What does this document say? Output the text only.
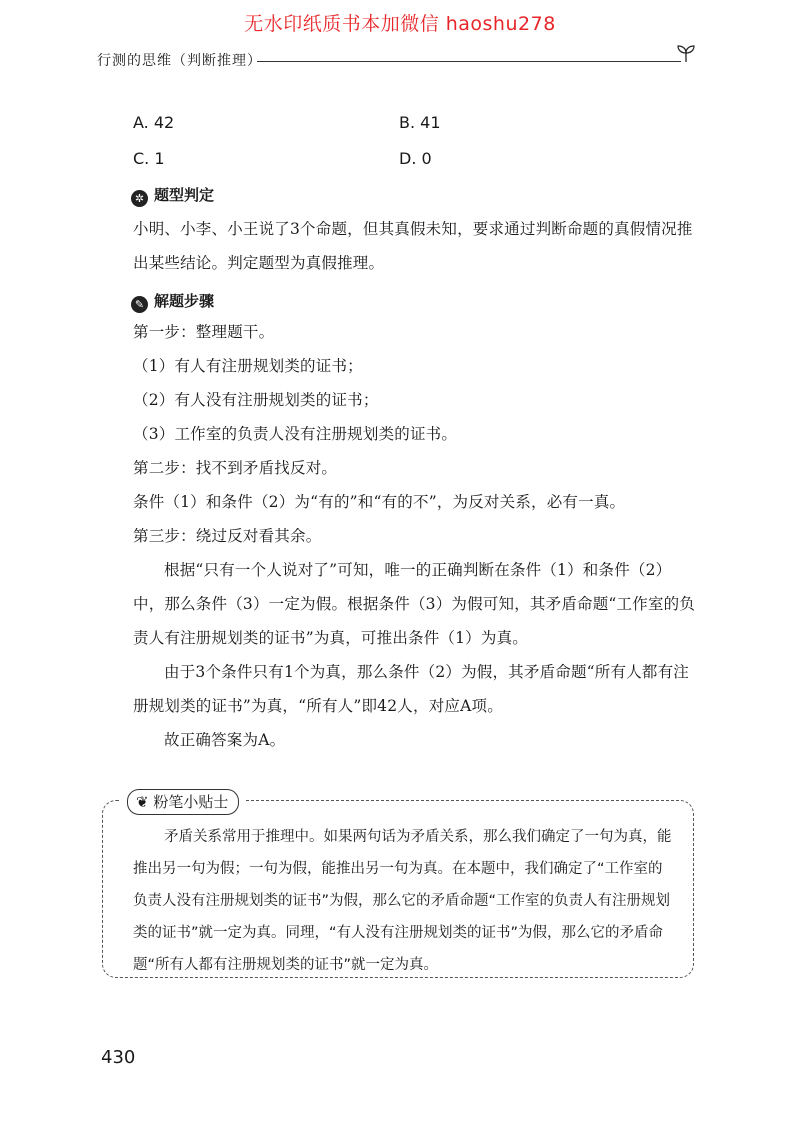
无水印纸质书本加微信 haoshu278
行测的思维（判断推理）
A. 42	B. 41
C. 1	D. 0
✲ 题型判定
小明、小李、小王说了3个命题，但其真假未知，要求通过判断命题的真假情况推出某些结论。判定题型为真假推理。
✎ 解题步骤
第一步：整理题干。
（1）有人有注册规划类的证书；
（2）有人没有注册规划类的证书；
（3）工作室的负责人没有注册规划类的证书。
第二步：找不到矛盾找反对。
条件（1）和条件（2）为“有的”和“有的不”，为反对关系，必有一真。
第三步：绕过反对看其余。
根据“只有一个人说对了”可知，唯一的正确判断在条件（1）和条件（2）中，那么条件（3）一定为假。根据条件（3）为假可知，其矛盾命题“工作室的负责人有注册规划类的证书”为真，可推出条件（1）为真。
由于3个条件只有1个为真，那么条件（2）为假，其矛盾命题“所有人都有注册规划类的证书”为真，“所有人”即42人，对应A项。
故正确答案为A。
❦ 粉笔小贴士
矛盾关系常用于推理中。如果两句话为矛盾关系，那么我们确定了一句为真，能推出另一句为假；一句为假，能推出另一句为真。在本题中，我们确定了“工作室的负责人没有注册规划类的证书”为假，那么它的矛盾命题“工作室的负责人有注册规划类的证书”就一定为真。同理，“有人没有注册规划类的证书”为假，那么它的矛盾命题“所有人都有注册规划类的证书”就一定为真。
430
